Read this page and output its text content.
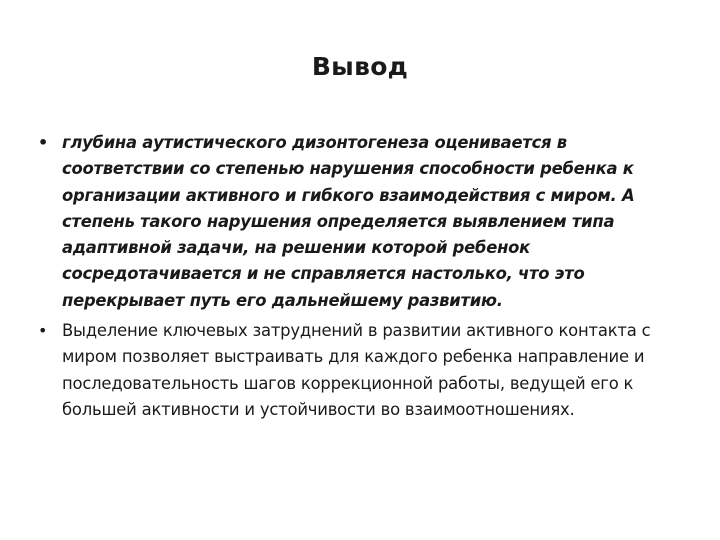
Вывод
• глубина аутистического дизонтогенеза оценивается в соответствии со степенью нарушения способности ребенка к организации активного и гибкого взаимодействия с миром. А степень такого нарушения определяется выявлением типа адаптивной задачи, на решении которой ребенок сосредотачивается и не справляется настолько, что это перекрывает путь его дальнейшему развитию.
• Выделение ключевых затруднений в развитии активного контакта с миром позволяет выстраивать для каждого ребенка направление и последовательность шагов коррекционной работы, ведущей его к большей активности и устойчивости во взаимоотношениях.
